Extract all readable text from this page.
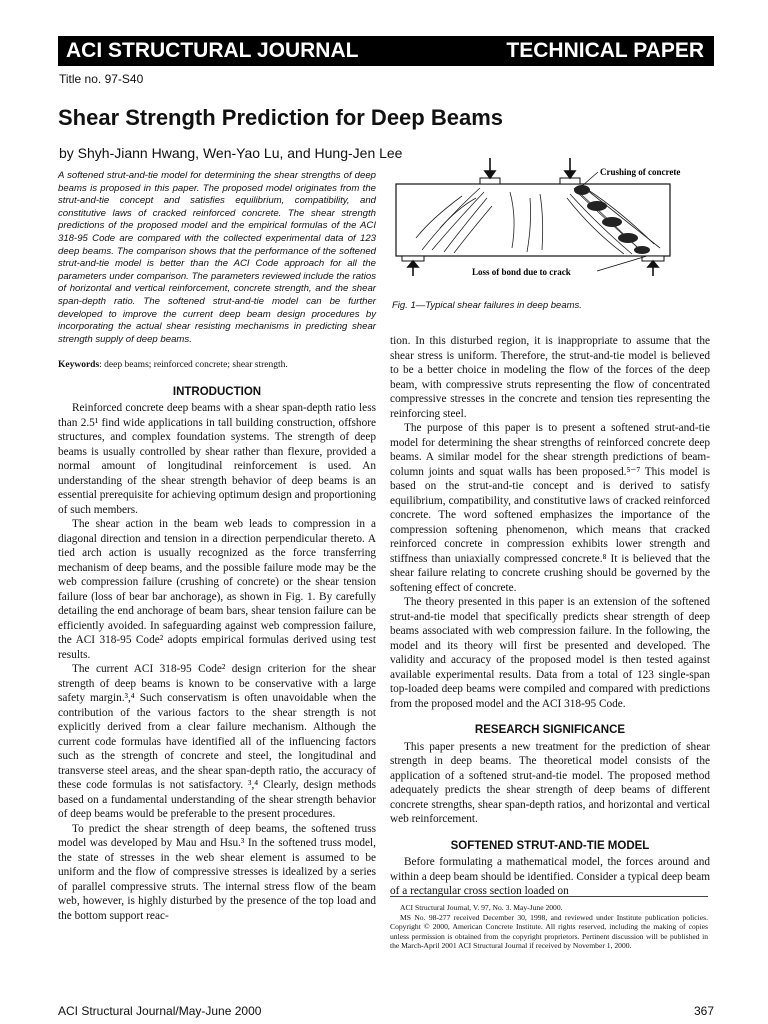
ACI STRUCTURAL JOURNAL	TECHNICAL PAPER
Title no. 97-S40
Shear Strength Prediction for Deep Beams
by Shyh-Jiann Hwang, Wen-Yao Lu, and Hung-Jen Lee

A softened strut-and-tie model for determining the shear strengths of deep beams is proposed in this paper. The proposed model originates from the strut-and-tie concept and satisfies equilibrium, compatibility, and constitutive laws of cracked reinforced concrete. The shear strength predictions of the proposed model and the empirical formulas of the ACI 318-95 Code are compared with the collected experimental data of 123 deep beams. The comparison shows that the performance of the softened strut-and-tie model is better than the ACI Code approach for all the parameters under comparison. The parameters reviewed include the ratios of horizontal and vertical reinforcement, concrete strength, and the shear span-depth ratio. The softened strut-and-tie model can be further developed to improve the current deep beam design procedures by incorporating the actual shear resisting mechanisms in predicting shear strength supply of deep beams.

Keywords: deep beams; reinforced concrete; shear strength.
INTRODUCTION

Reinforced concrete deep beams with a shear span-depth ratio less than 2.5¹ find wide applications in tall building construction, offshore structures, and complex foundation systems. The strength of deep beams is usually controlled by shear rather than flexure, provided a normal amount of longitudinal reinforcement is used. An understanding of the shear strength behavior of deep beams is an essential prerequisite for achieving optimum design and proportioning of such members.

The shear action in the beam web leads to compression in a diagonal direction and tension in a direction perpendicular thereto. A tied arch action is usually recognized as the force transferring mechanism of deep beams, and the possible failure mode may be the web compression failure (crushing of concrete) or the shear tension failure (loss of bear bar anchorage), as shown in Fig. 1. By carefully detailing the end anchorage of beam bars, shear tension failure can be efficiently avoided. In safeguarding against web compression failure, the ACI 318-95 Code² adopts empirical formulas derived using test results.

The current ACI 318-95 Code² design criterion for the shear strength of deep beams is known to be conservative with a large safety margin.³,⁴ Such conservatism is often unavoidable when the contribution of the various factors to the shear strength is not explicitly derived from a clear failure mechanism. Although the current code formulas have identified all of the influencing factors such as the strength of concrete and steel, the longitudinal and transverse steel areas, and the shear span-depth ratio, the accuracy of these code formulas is not satisfactory. ³,⁴ Clearly, design methods based on a fundamental understanding of the shear strength behavior of deep beams would be preferable to the present procedures.

To predict the shear strength of deep beams, the softened truss model was developed by Mau and Hsu.³ In the softened truss model, the state of stresses in the web shear element is assumed to be uniform and the flow of compressive stresses is idealized by a series of parallel compressive struts. The internal stress flow of the beam web, however, is highly disturbed by the presence of the top load and the bottom support reac-

Crushing of concrete
Loss of bond due to crack
Fig. 1—Typical shear failures in deep beams.

tion. In this disturbed region, it is inappropriate to assume that the shear stress is uniform. Therefore, the strut-and-tie model is believed to be a better choice in modeling the flow of the forces of the deep beam, with compressive struts representing the flow of concentrated compressive stresses in the concrete and tension ties representing the reinforcing steel.

The purpose of this paper is to present a softened strut-and-tie model for determining the shear strengths of reinforced concrete deep beams. A similar model for the shear strength predictions of beam-column joints and squat walls has been proposed.⁵⁻⁷ This model is based on the strut-and-tie concept and is derived to satisfy equilibrium, compatibility, and constitutive laws of cracked reinforced concrete. The word softened emphasizes the importance of the compression softening phenomenon, which means that cracked reinforced concrete in compression exhibits lower strength and stiffness than uniaxially compressed concrete.⁸ It is believed that the shear failure relating to concrete crushing should be governed by the softening effect of concrete.

The theory presented in this paper is an extension of the softened strut-and-tie model that specifically predicts shear strength of deep beams associated with web compression failure. In the following, the model and its theory will first be presented and developed. The validity and accuracy of the proposed model is then tested against available experimental results. Data from a total of 123 single-span top-loaded deep beams were compiled and compared with predictions from the proposed model and the ACI 318-95 Code.

RESEARCH SIGNIFICANCE

This paper presents a new treatment for the prediction of shear strength in deep beams. The theoretical model consists of the application of a softened strut-and-tie model. The proposed method adequately predicts the shear strength of deep beams of different concrete strengths, shear span-depth ratios, and horizontal and vertical web reinforcement.

SOFTENED STRUT-AND-TIE MODEL

Before formulating a mathematical model, the forces around and within a deep beam should be identified. Consider a typical deep beam of a rectangular cross section loaded on

ACI Structural Journal, V. 97, No. 3. May-June 2000.

MS No. 98-277 received December 30, 1998, and reviewed under Institute publication policies. Copyright © 2000, American Concrete Institute. All rights reserved, including the making of copies unless permission is obtained from the copyright proprietors. Pertinent discussion will be published in the March-April 2001 ACI Structural Journal if received by November 1, 2000.

ACI Structural Journal/May-June 2000	367
